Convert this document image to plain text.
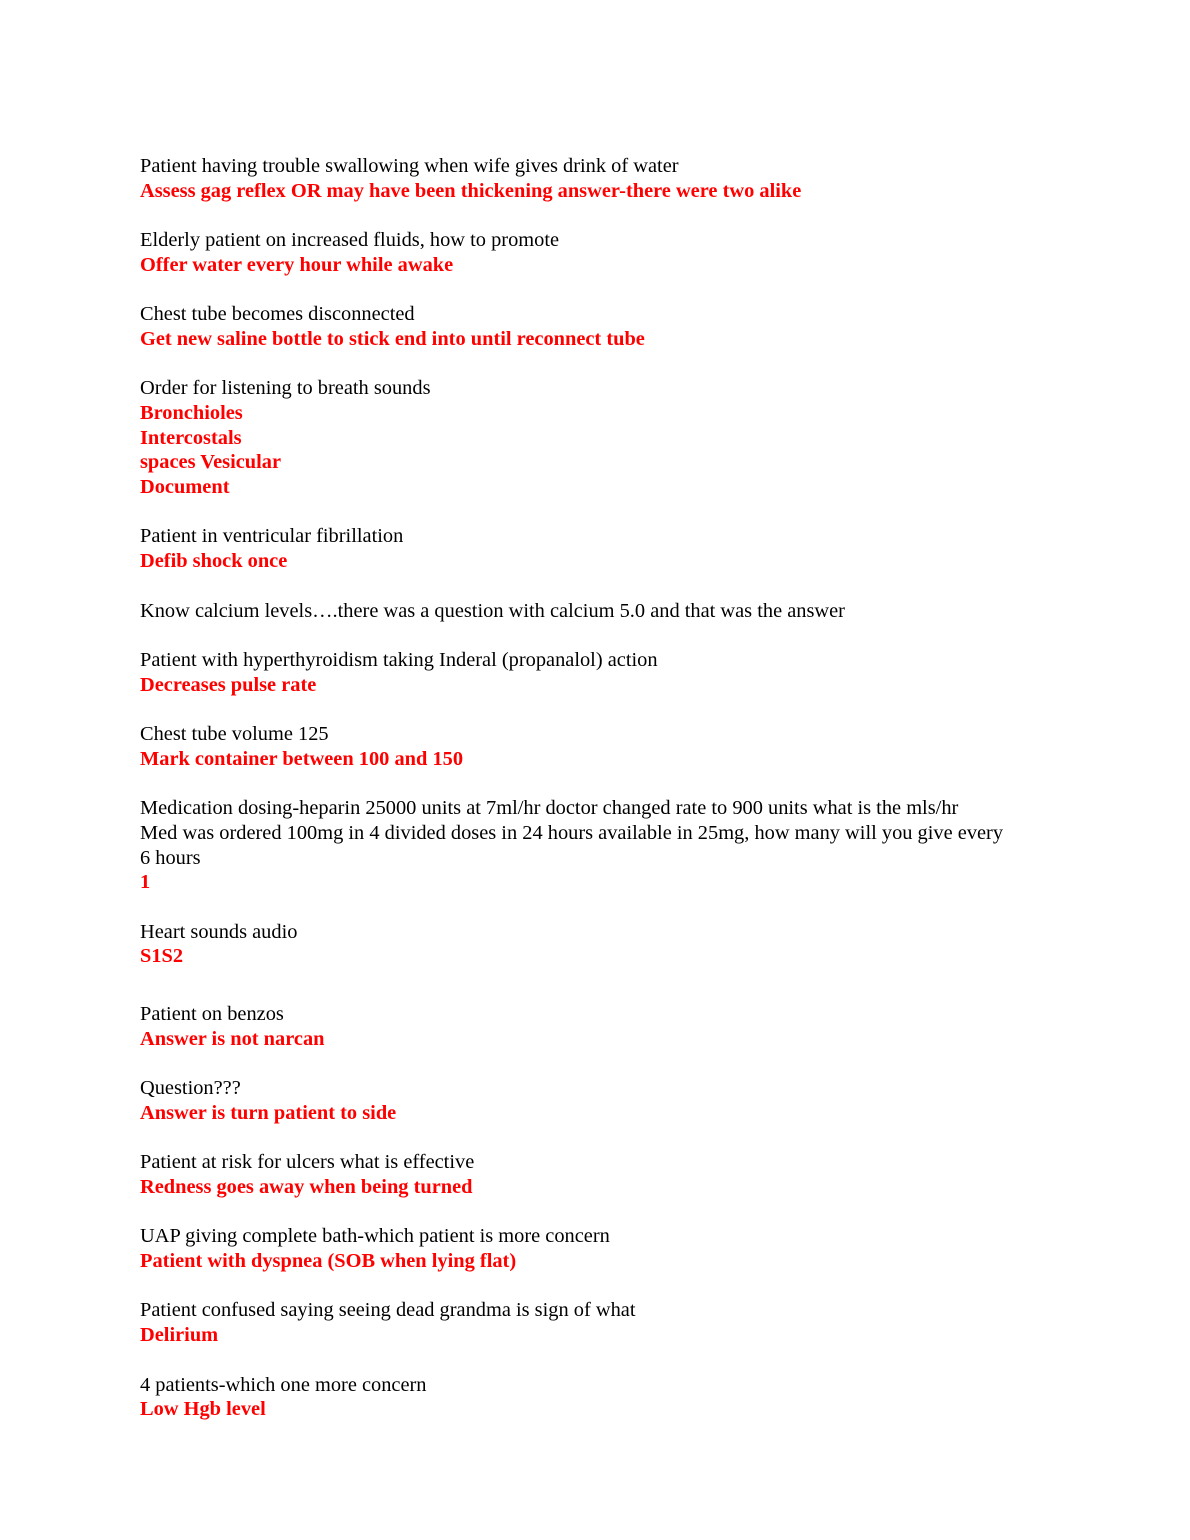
Patient having trouble swallowing when wife gives drink of water
Assess gag reflex OR may have been thickening answer-there were two alike
Elderly patient on increased fluids, how to promote
Offer water every hour while awake
Chest tube becomes disconnected
Get new saline bottle to stick end into until reconnect tube
Order for listening to breath sounds
Bronchioles
Intercostals
spaces Vesicular
Document
Patient in ventricular fibrillation
Defib shock once
Know calcium levels….there was a question with calcium 5.0 and that was the answer
Patient with hyperthyroidism taking Inderal (propanalol) action
Decreases pulse rate
Chest tube volume 125
Mark container between 100 and 150
Medication dosing-heparin 25000 units at 7ml/hr doctor changed rate to 900 units what is the mls/hr
Med was ordered 100mg in 4 divided doses in 24 hours available in 25mg, how many will you give every
6 hours
1
Heart sounds audio
S1S2
Patient on benzos
Answer is not narcan
Question???
Answer is turn patient to side
Patient at risk for ulcers what is effective
Redness goes away when being turned
UAP giving complete bath-which patient is more concern
Patient with dyspnea (SOB when lying flat)
Patient confused saying seeing dead grandma is sign of what
Delirium
4 patients-which one more concern
Low Hgb level
